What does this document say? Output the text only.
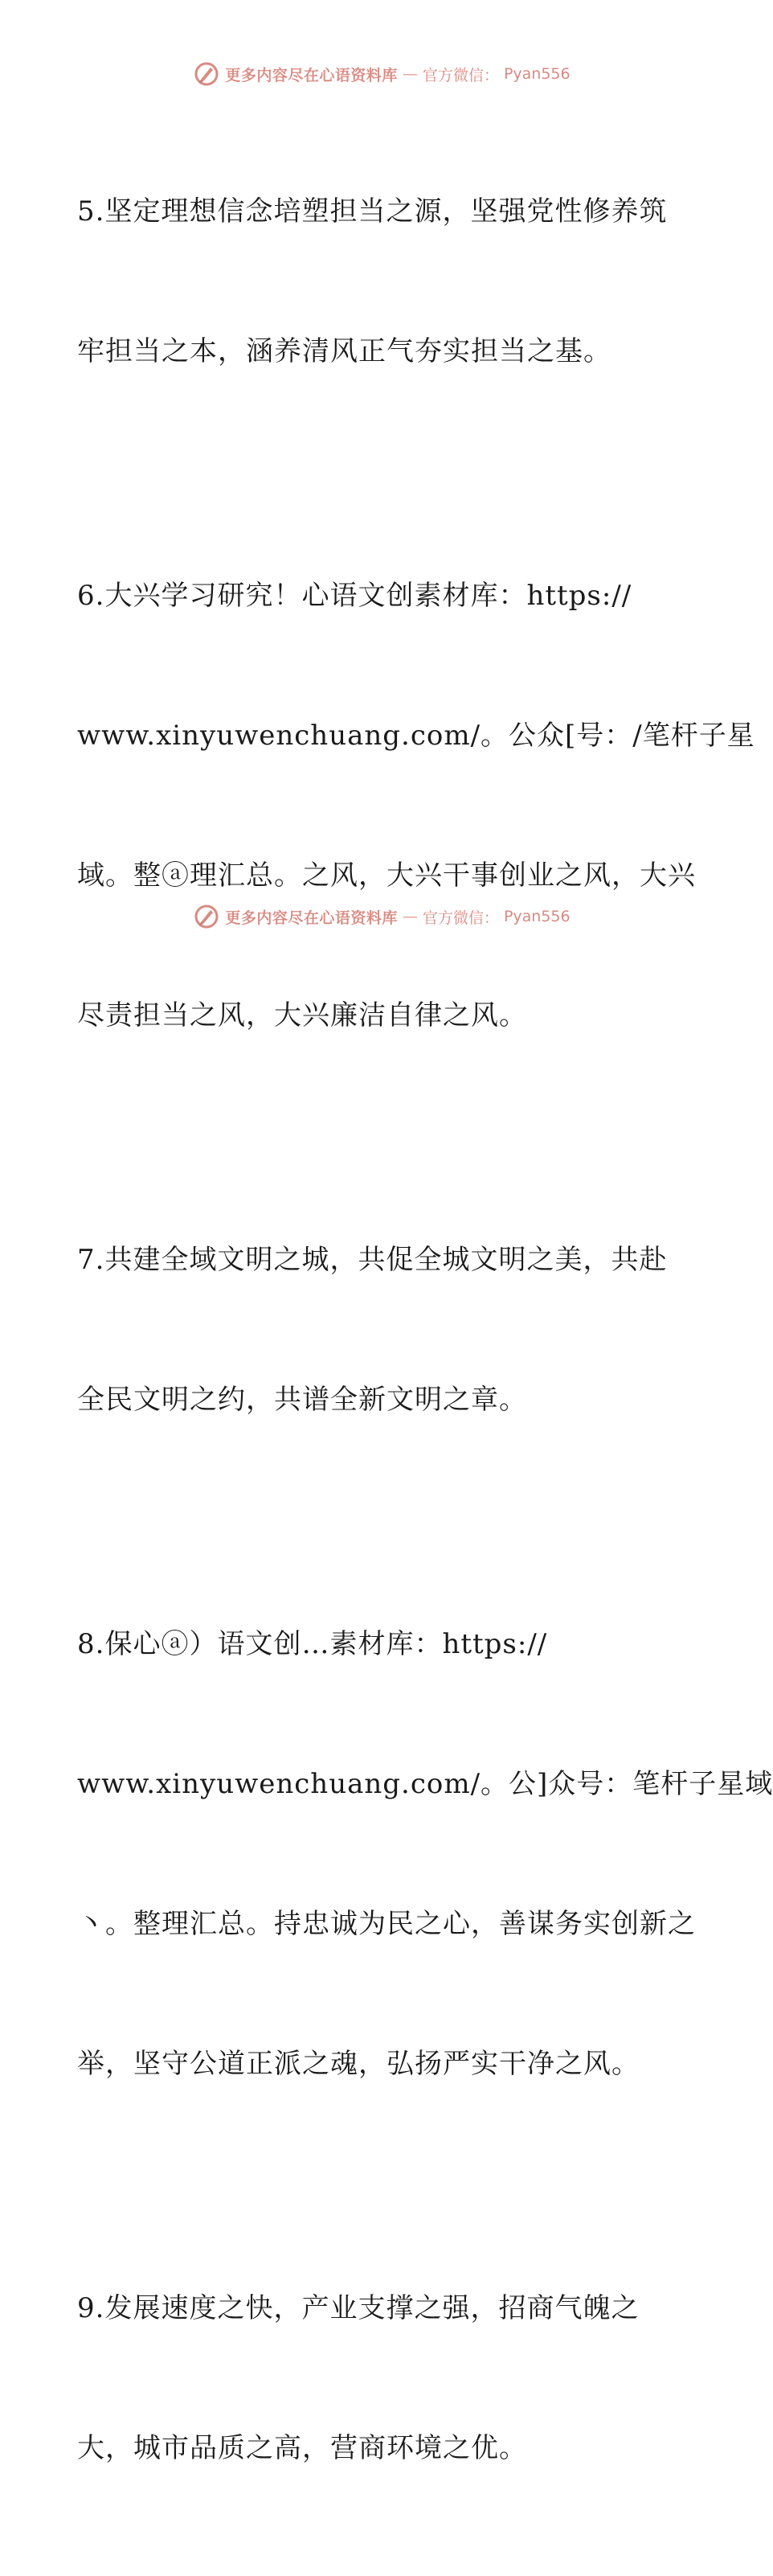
更多内容尽在心语资料库 — 官方微信： Pyan556

5.坚定理想信念培塑担当之源，坚强党性修养筑

牢担当之本，涵养清风正气夯实担当之基。

6.大兴学习研究！心语文创素材库：https://

www.xinyuwenchuang.com/。公众[号：/笔杆子星

域。整ⓐ理汇总。之风，大兴干事创业之风，大兴

尽责担当之风，大兴廉洁自律之风。

7.共建全域文明之城，共促全城文明之美，共赴

全民文明之约，共谱全新文明之章。

8.保心ⓐ）语文创…素材库：https://

www.xinyuwenchuang.com/。公]众号：笔杆子星域

丶。整理汇总。持忠诚为民之心，善谋务实创新之

举，坚守公道正派之魂，弘扬严实干净之风。

9.发展速度之快，产业支撑之强，招商气魄之

大，城市品质之高，营商环境之优。

更多内容尽在心语资料库 — 官方微信： Pyan556
